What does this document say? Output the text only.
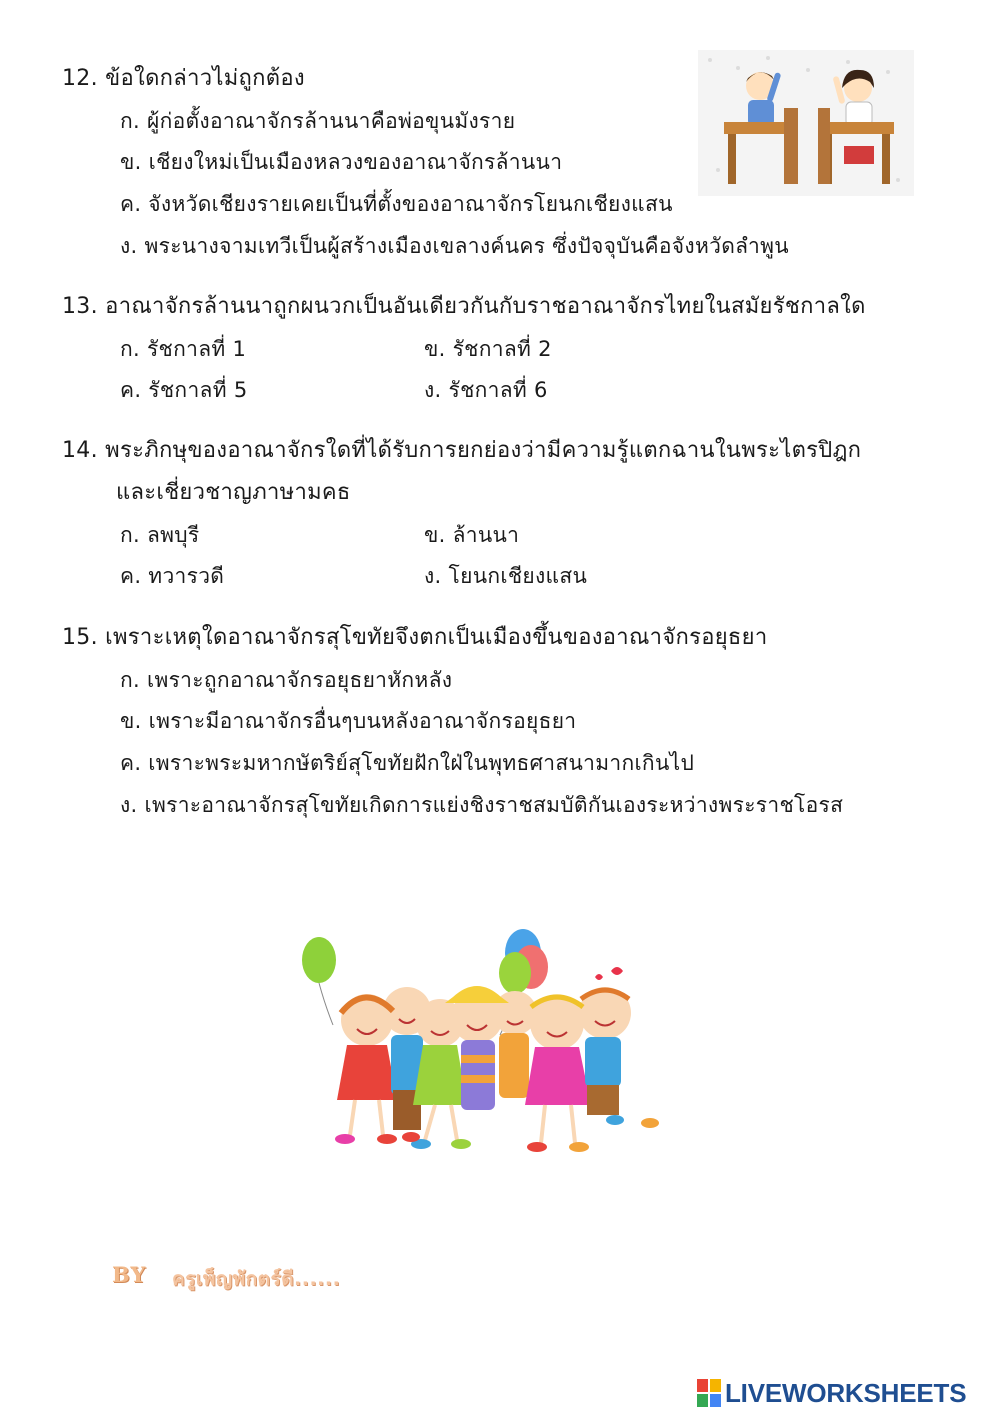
12. ข้อใดกล่าวไม่ถูกต้อง
ก. ผู้ก่อตั้งอาณาจักรล้านนาคือพ่อขุนมังราย
ข. เชียงใหม่เป็นเมืองหลวงของอาณาจักรล้านนา
ค. จังหวัดเชียงรายเคยเป็นที่ตั้งของอาณาจักรโยนกเชียงแสน
ง. พระนางจามเทวีเป็นผู้สร้างเมืองเขลางค์นคร ซึ่งปัจจุบันคือจังหวัดลำพูน
13. อาณาจักรล้านนาถูกผนวกเป็นอันเดียวกันกับราชอาณาจักรไทยในสมัยรัชกาลใด
ก. รัชกาลที่ 1	ข. รัชกาลที่ 2
ค. รัชกาลที่ 5	ง. รัชกาลที่ 6
14. พระภิกษุของอาณาจักรใดที่ได้รับการยกย่องว่ามีความรู้แตกฉานในพระไตรปิฎก
และเชี่ยวชาญภาษามคธ
ก. ลพบุรี	ข. ล้านนา
ค. ทวารวดี	ง. โยนกเชียงแสน
15. เพราะเหตุใดอาณาจักรสุโขทัยจึงตกเป็นเมืองขึ้นของอาณาจักรอยุธยา
ก. เพราะถูกอาณาจักรอยุธยาหักหลัง
ข. เพราะมีอาณาจักรอื่นๆบนหลังอาณาจักรอยุธยา
ค. เพราะพระมหากษัตริย์สุโขทัยฝักใฝ่ในพุทธศาสนามากเกินไป
ง. เพราะอาณาจักรสุโขทัยเกิดการแย่งชิงราชสมบัติกันเองระหว่างพระราชโอรส
BY ครูเพ็ญพักตร์ดี......
LIVEWORKSHEETS
